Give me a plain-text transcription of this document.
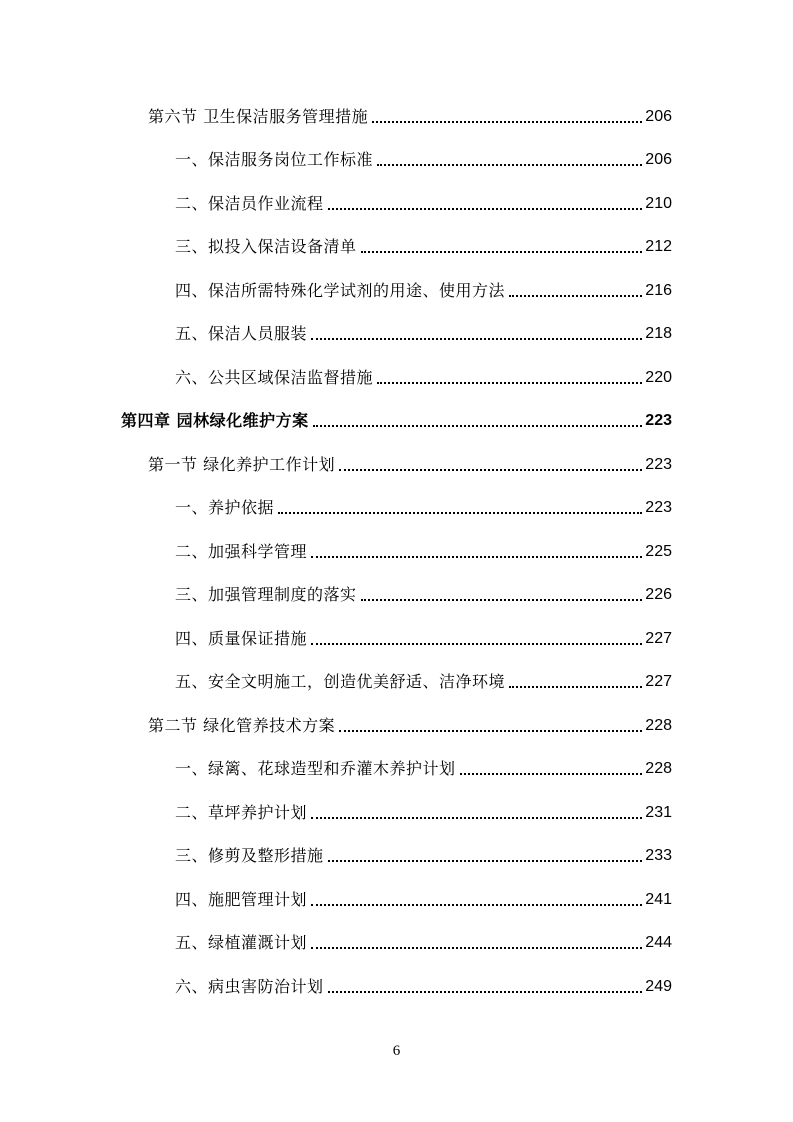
第六节 卫生保洁服务管理措施	206
一、保洁服务岗位工作标准	206
二、保洁员作业流程	210
三、拟投入保洁设备清单	212
四、保洁所需特殊化学试剂的用途、使用方法	216
五、保洁人员服装	218
六、公共区域保洁监督措施	220
第四章 园林绿化维护方案	223
第一节 绿化养护工作计划	223
一、养护依据	223
二、加强科学管理	225
三、加强管理制度的落实	226
四、质量保证措施	227
五、安全文明施工，创造优美舒适、洁净环境	227
第二节 绿化管养技术方案	228
一、绿篱、花球造型和乔灌木养护计划	228
二、草坪养护计划	231
三、修剪及整形措施	233
四、施肥管理计划	241
五、绿植灌溉计划	244
六、病虫害防治计划	249
6
